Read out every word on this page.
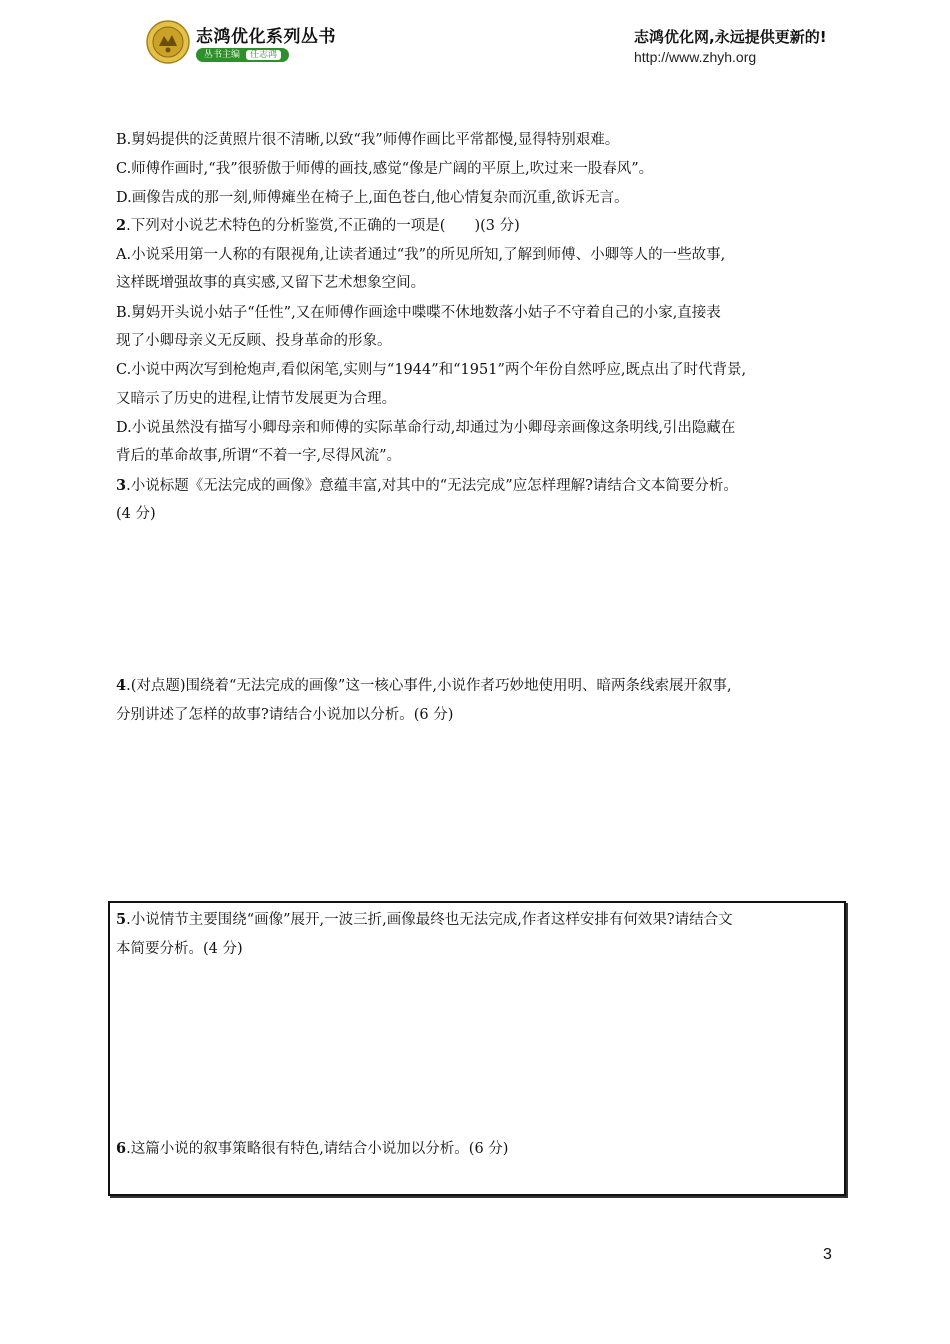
志鸿优化系列丛书
丛书主编 任志鸿
志鸿优化网,永远提供更新的!
http://www.zhyh.org
B.舅妈提供的泛黄照片很不清晰,以致“我”师傅作画比平常都慢,显得特别艰难。
C.师傅作画时,“我”很骄傲于师傅的画技,感觉“像是广阔的平原上,吹过来一股春风”。
D.画像告成的那一刻,师傅瘫坐在椅子上,面色苍白,他心情复杂而沉重,欲诉无言。
2.下列对小说艺术特色的分析鉴赏,不正确的一项是(　　)(3 分)
A.小说采用第一人称的有限视角,让读者通过“我”的所见所知,了解到师傅、小卿等人的一些故事,
这样既增强故事的真实感,又留下艺术想象空间。
B.舅妈开头说小姑子“任性”,又在师傅作画途中喋喋不休地数落小姑子不守着自己的小家,直接表
现了小卿母亲义无反顾、投身革命的形象。
C.小说中两次写到枪炮声,看似闲笔,实则与“1944”和“1951”两个年份自然呼应,既点出了时代背景,
又暗示了历史的进程,让情节发展更为合理。
D.小说虽然没有描写小卿母亲和师傅的实际革命行动,却通过为小卿母亲画像这条明线,引出隐藏在
背后的革命故事,所谓“不着一字,尽得风流”。
3.小说标题《无法完成的画像》意蕴丰富,对其中的“无法完成”应怎样理解?请结合文本简要分析。
(4 分)
4.(对点题)围绕着“无法完成的画像”这一核心事件,小说作者巧妙地使用明、暗两条线索展开叙事,
分别讲述了怎样的故事?请结合小说加以分析。(6 分)
5.小说情节主要围绕“画像”展开,一波三折,画像最终也无法完成,作者这样安排有何效果?请结合文
本简要分析。(4 分)
6.这篇小说的叙事策略很有特色,请结合小说加以分析。(6 分)
3
